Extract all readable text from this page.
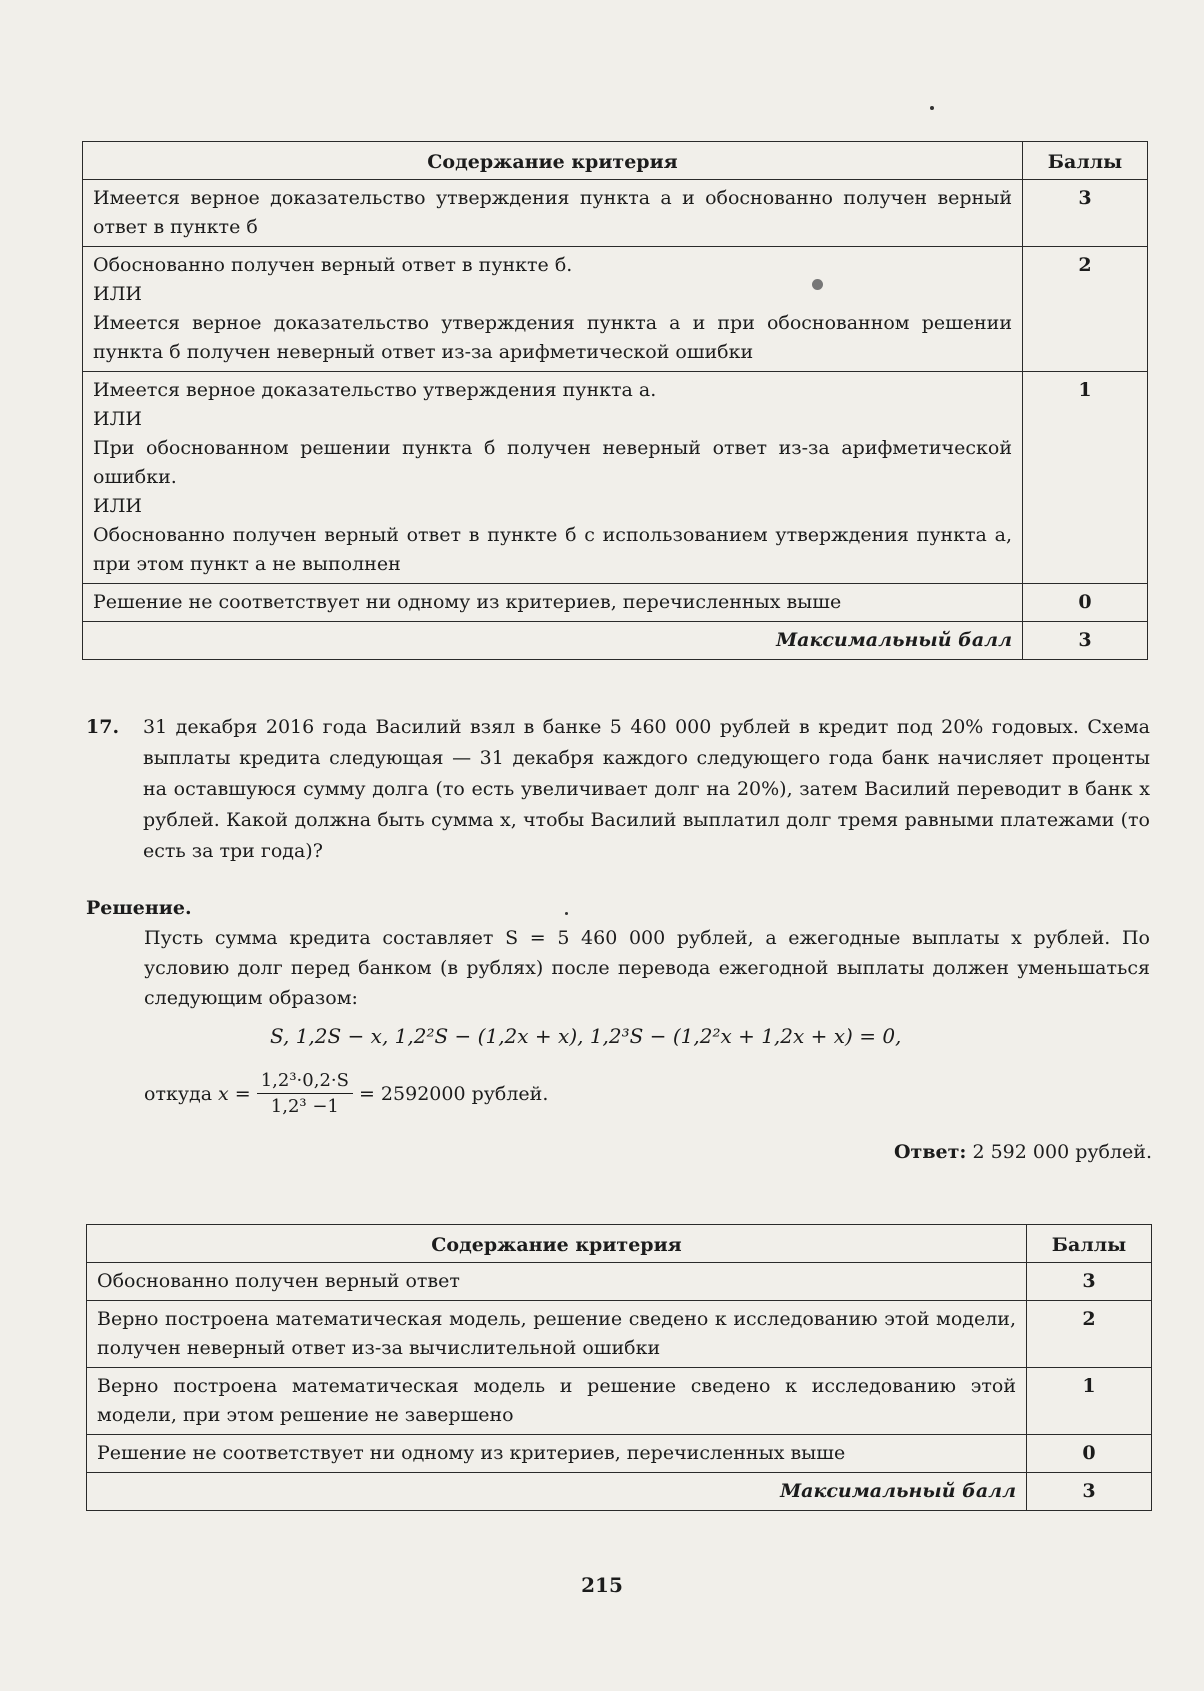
Содержание критерия	Баллы
Имеется верное доказательство утверждения пункта а и обоснованно получен верный ответ в пункте б	3

Обоснованно получен верный ответ в пункте б.
ИЛИ
Имеется верное доказательство утверждения пункта а и при обоснованном решении пункта б получен неверный ответ из-за арифметической ошибки	2

Имеется верное доказательство утверждения пункта а.
ИЛИ
При обоснованном решении пункта б получен неверный ответ из-за арифметической ошибки.
ИЛИ
Обоснованно получен верный ответ в пункте б с использованием утверждения пункта а, при этом пункт а не выполнен	1
Решение не соответствует ни одному из критериев, перечисленных выше	0
Максимальный балл	3
17. 31 декабря 2016 года Василий взял в банке 5 460 000 рублей в кредит под 20% годовых. Схема выплаты кредита следующая — 31 декабря каждого следующего года банк начисляет проценты на оставшуюся сумму долга (то есть увеличивает долг на 20%), затем Василий переводит в банк x рублей. Какой должна быть сумма x, чтобы Василий выплатил долг тремя равными платежами (то есть за три года)?
Решение.
Пусть сумма кредита составляет S = 5 460 000 рублей, а ежегодные выплаты x рублей. По условию долг перед банком (в рублях) после перевода ежегодной выплаты должен уменьшаться следующим образом:
S, 1,2S − x, 1,2²S − (1,2x + x), 1,2³S − (1,2²x + 1,2x + x) = 0,
откуда $x = \frac{\text{1,2³·0,2·S}}{\text{1,2³ −1}} = 2592000$ рублей.
Ответ: 2 592 000 рублей.
Содержание критерия	Баллы
Обоснованно получен верный ответ	3
Верно построена математическая модель, решение сведено к исследованию этой модели, получен неверный ответ из-за вычислительной ошибки	2
Верно построена математическая модель и решение сведено к исследованию этой модели, при этом решение не завершено	1
Решение не соответствует ни одному из критериев, перечисленных выше	0
Максимальный балл	3
215
